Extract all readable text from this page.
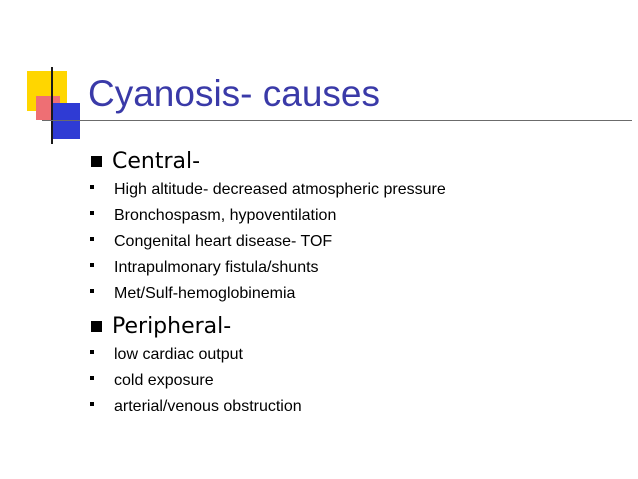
Cyanosis- causes
Central -
High altitude- decreased atmospheric pressure
Bronchospasm, hypoventilation
Congenital heart disease- TOF
Intrapulmonary fistula/shunts
Met/Sulf-hemoglobinemia
Peripheral -
low cardiac output
cold exposure
arterial/venous obstruction
